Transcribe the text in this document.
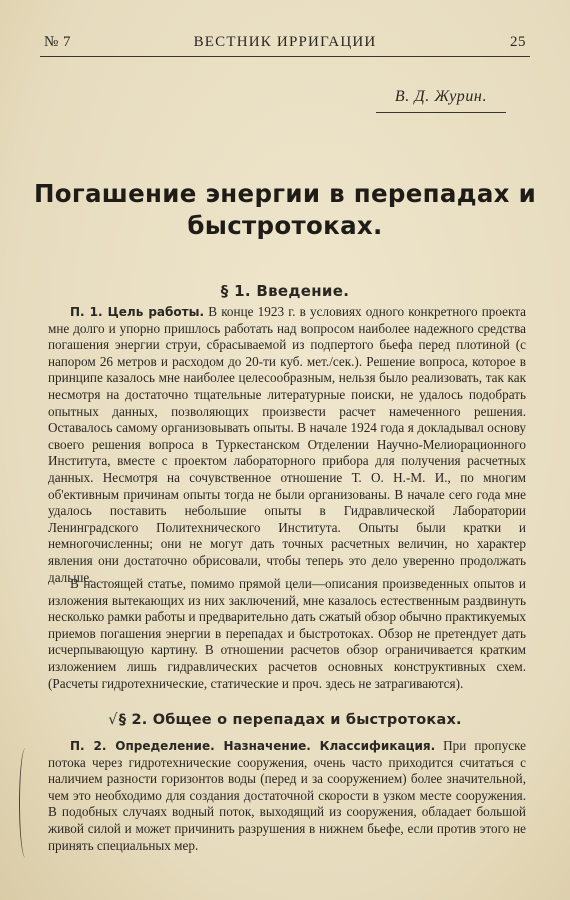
№ 7	ВЕСТНИК ИРРИГАЦИИ	25
В. Д. Журин.
Погашение энергии в перепадах и
быстротоках.
§ 1. Введение.

П. 1. Цель работы. В конце 1923 г. в условиях одного конкретного проекта мне долго и упорно пришлось работать над вопросом наиболее надежного средства погашения энергии струи, сбрасываемой из подпертого бьефа перед плотиной (с напором 26 метров и расходом до 20-ти куб. мет./сек.). Решение вопроса, которое в принципе казалось мне наиболее целесообразным, нельзя было реализовать, так как несмотря на достаточно тщательные литературные поиски, не удалось подобрать опытных данных, позволяющих произвести расчет намеченного решения. Оставалось самому организовывать опыты. В начале 1924 года я докладывал основу своего решения вопроса в Туркестанском Отделении Научно-Мелиорационного Института, вместе с проектом лабораторного прибора для получения расчетных данных. Несмотря на сочувственное отношение Т. О. Н.-М. И., по многим об'ективным причинам опыты тогда не были организованы. В начале сего года мне удалось поставить небольшие опыты в Гидравлической Лаборатории Ленинградского Политехнического Института. Опыты были кратки и немногочисленны; они не могут дать точных расчетных величин, но характер явления они достаточно обрисовали, чтобы теперь это дело уверенно продолжать дальше.

В настоящей статье, помимо прямой цели—описания произведенных опытов и изложения вытекающих из них заключений, мне казалось естественным раздвинуть несколько рамки работы и предварительно дать сжатый обзор обычно практикуемых приемов погашения энергии в перепадах и быстротоках. Обзор не претендует дать исчерпывающую картину. В отношении расчетов обзор ограничивается кратким изложением лишь гидравлических расчетов основных конструктивных схем. (Расчеты гидротехнические, статические и проч. здесь не затрагиваются).

√§ 2. Общее о перепадах и быстротоках.

П. 2. Определение. Назначение. Классификация. При пропуске потока через гидротехнические сооружения, очень часто приходится считаться с наличием разности горизонтов воды (перед и за сооружением) более значительной, чем это необходимо для создания достаточной скорости в узком месте сооружения. В подобных случаях водный поток, выходящий из сооружения, обладает большой живой силой и может причинить разрушения в нижнем бьефе, если против этого не принять специальных мер.
